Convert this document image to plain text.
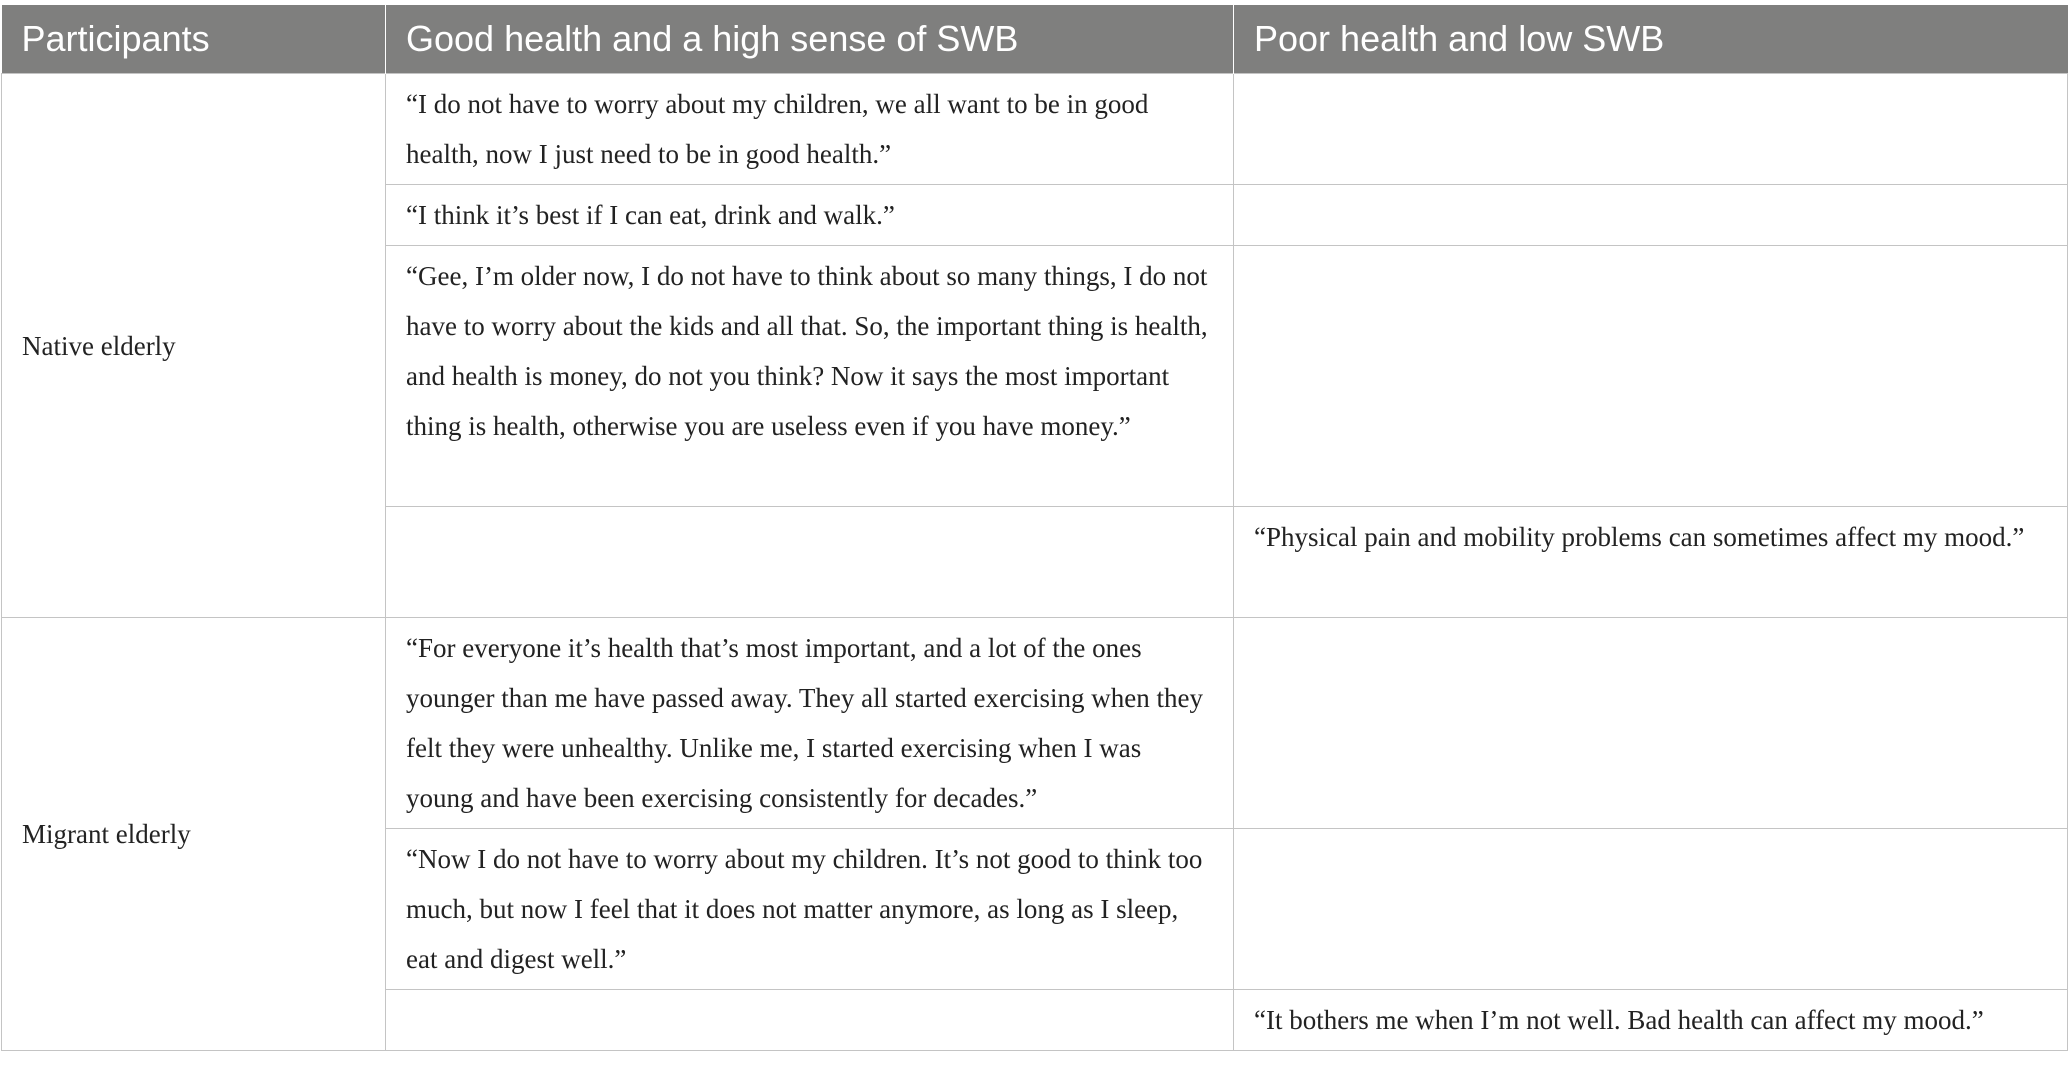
Participants	Good health and a high sense of SWB	Poor health and low SWB
Native elderly	“I do not have to worry about my children, we all want to be in good health, now I just need to be in good health.”	
	“I think it’s best if I can eat, drink and walk.”	
	“Gee, I’m older now, I do not have to think about so many things, I do not have to worry about the kids and all that. So, the important thing is health, and health is money, do not you think? Now it says the most important thing is health, otherwise you are useless even if you have money.”	
		“Physical pain and mobility problems can sometimes affect my mood.”
Migrant elderly	“For everyone it’s health that’s most important, and a lot of the ones younger than me have passed away. They all started exercising when they felt they were unhealthy. Unlike me, I started exercising when I was young and have been exercising consistently for decades.”	
	“Now I do not have to worry about my children. It’s not good to think too much, but now I feel that it does not matter anymore, as long as I sleep, eat and digest well.”	
		“It bothers me when I’m not well. Bad health can affect my mood.”
